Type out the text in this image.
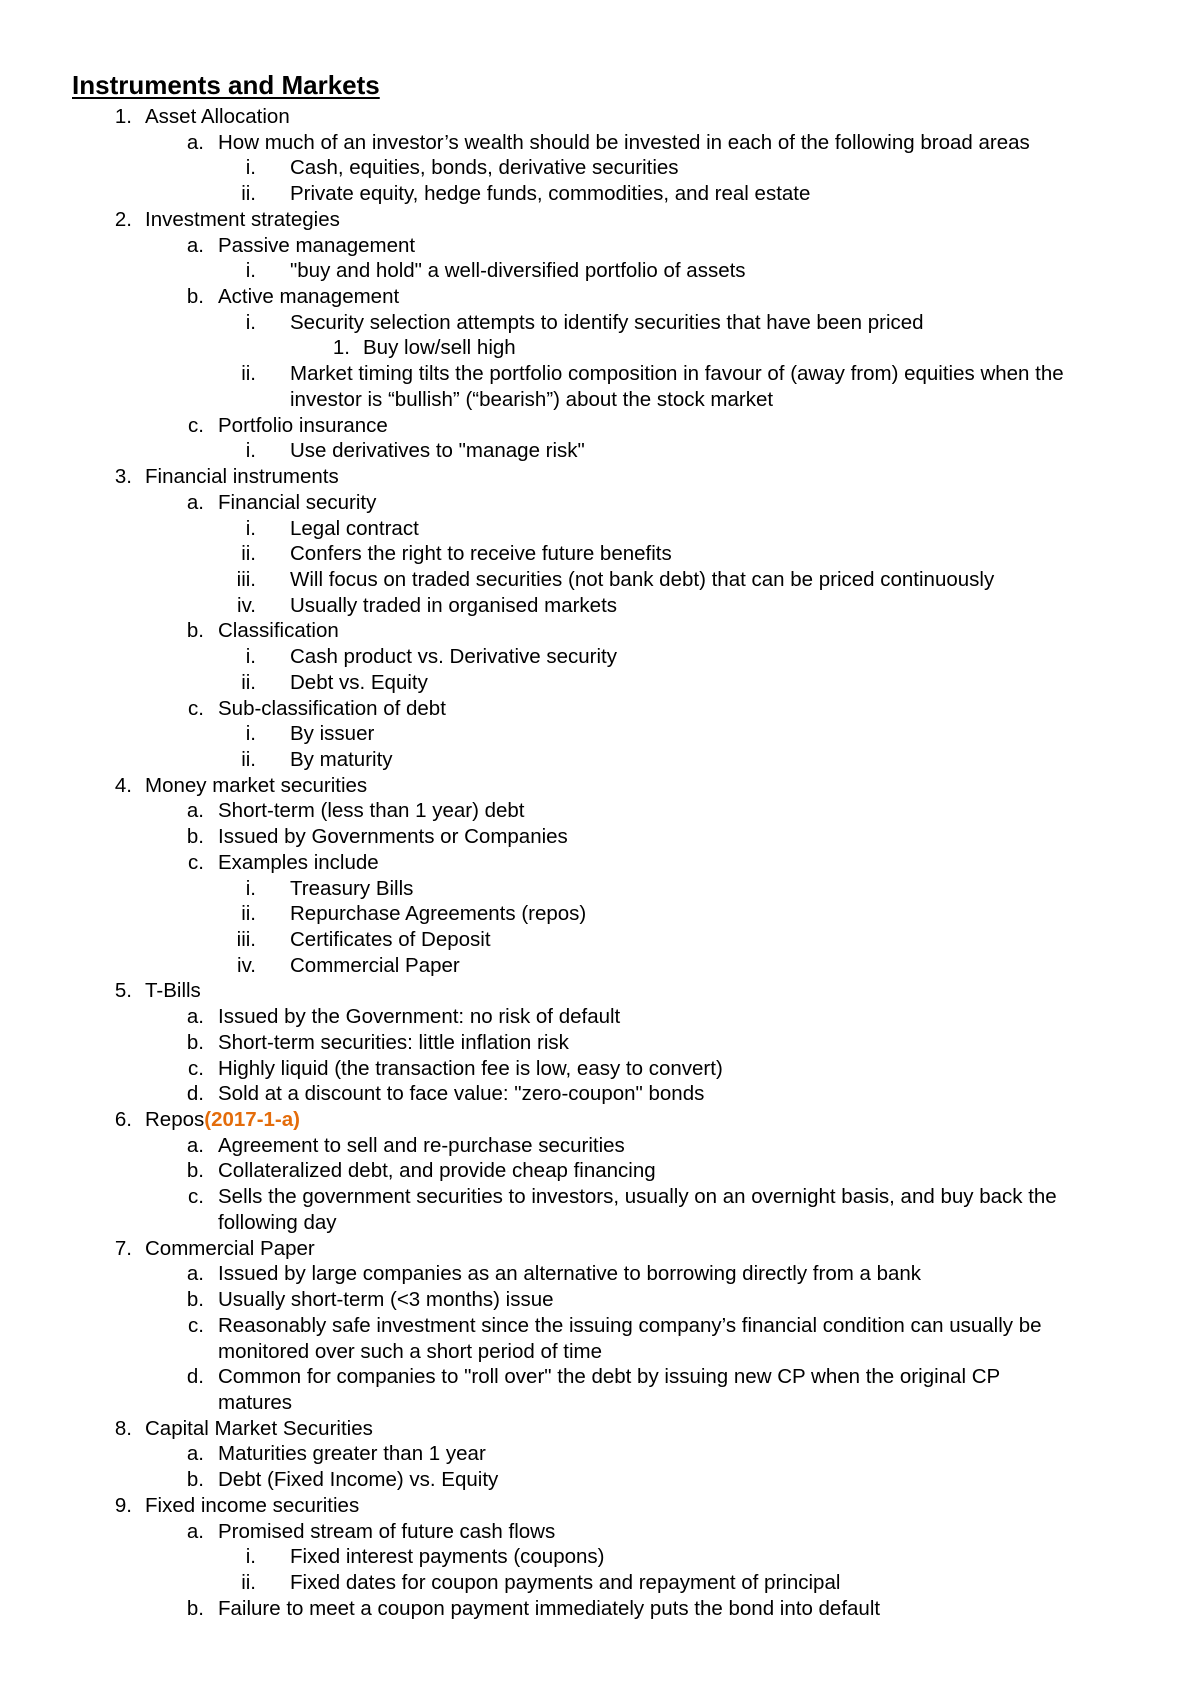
Instruments and Markets
1. Asset Allocation
a. How much of an investor’s wealth should be invested in each of the following broad areas
i. Cash, equities, bonds, derivative securities
ii. Private equity, hedge funds, commodities, and real estate
2. Investment strategies
a. Passive management
i. "buy and hold" a well-diversified portfolio of assets
b. Active management
i. Security selection attempts to identify securities that have been priced
1. Buy low/sell high
ii. Market timing tilts the portfolio composition in favour of (away from) equities when the
investor is “bullish” (“bearish”) about the stock market
c. Portfolio insurance
i. Use derivatives to "manage risk"
3. Financial instruments
a. Financial security
i. Legal contract
ii. Confers the right to receive future benefits
iii. Will focus on traded securities (not bank debt) that can be priced continuously
iv. Usually traded in organised markets
b. Classification
i. Cash product vs. Derivative security
ii. Debt vs. Equity
c. Sub-classification of debt
i. By issuer
ii. By maturity
4. Money market securities
a. Short-term (less than 1 year) debt
b. Issued by Governments or Companies
c. Examples include
i. Treasury Bills
ii. Repurchase Agreements (repos)
iii. Certificates of Deposit
iv. Commercial Paper
5. T-Bills
a. Issued by the Government: no risk of default
b. Short-term securities: little inflation risk
c. Highly liquid (the transaction fee is low, easy to convert)
d. Sold at a discount to face value: "zero-coupon" bonds
6. Repos(2017-1-a)
a. Agreement to sell and re-purchase securities
b. Collateralized debt, and provide cheap financing
c. Sells the government securities to investors, usually on an overnight basis, and buy back the
following day
7. Commercial Paper
a. Issued by large companies as an alternative to borrowing directly from a bank
b. Usually short-term (<3 months) issue
c. Reasonably safe investment since the issuing company’s financial condition can usually be
monitored over such a short period of time
d. Common for companies to "roll over" the debt by issuing new CP when the original CP
matures
8. Capital Market Securities
a. Maturities greater than 1 year
b. Debt (Fixed Income) vs. Equity
9. Fixed income securities
a. Promised stream of future cash flows
i. Fixed interest payments (coupons)
ii. Fixed dates for coupon payments and repayment of principal
b. Failure to meet a coupon payment immediately puts the bond into default
